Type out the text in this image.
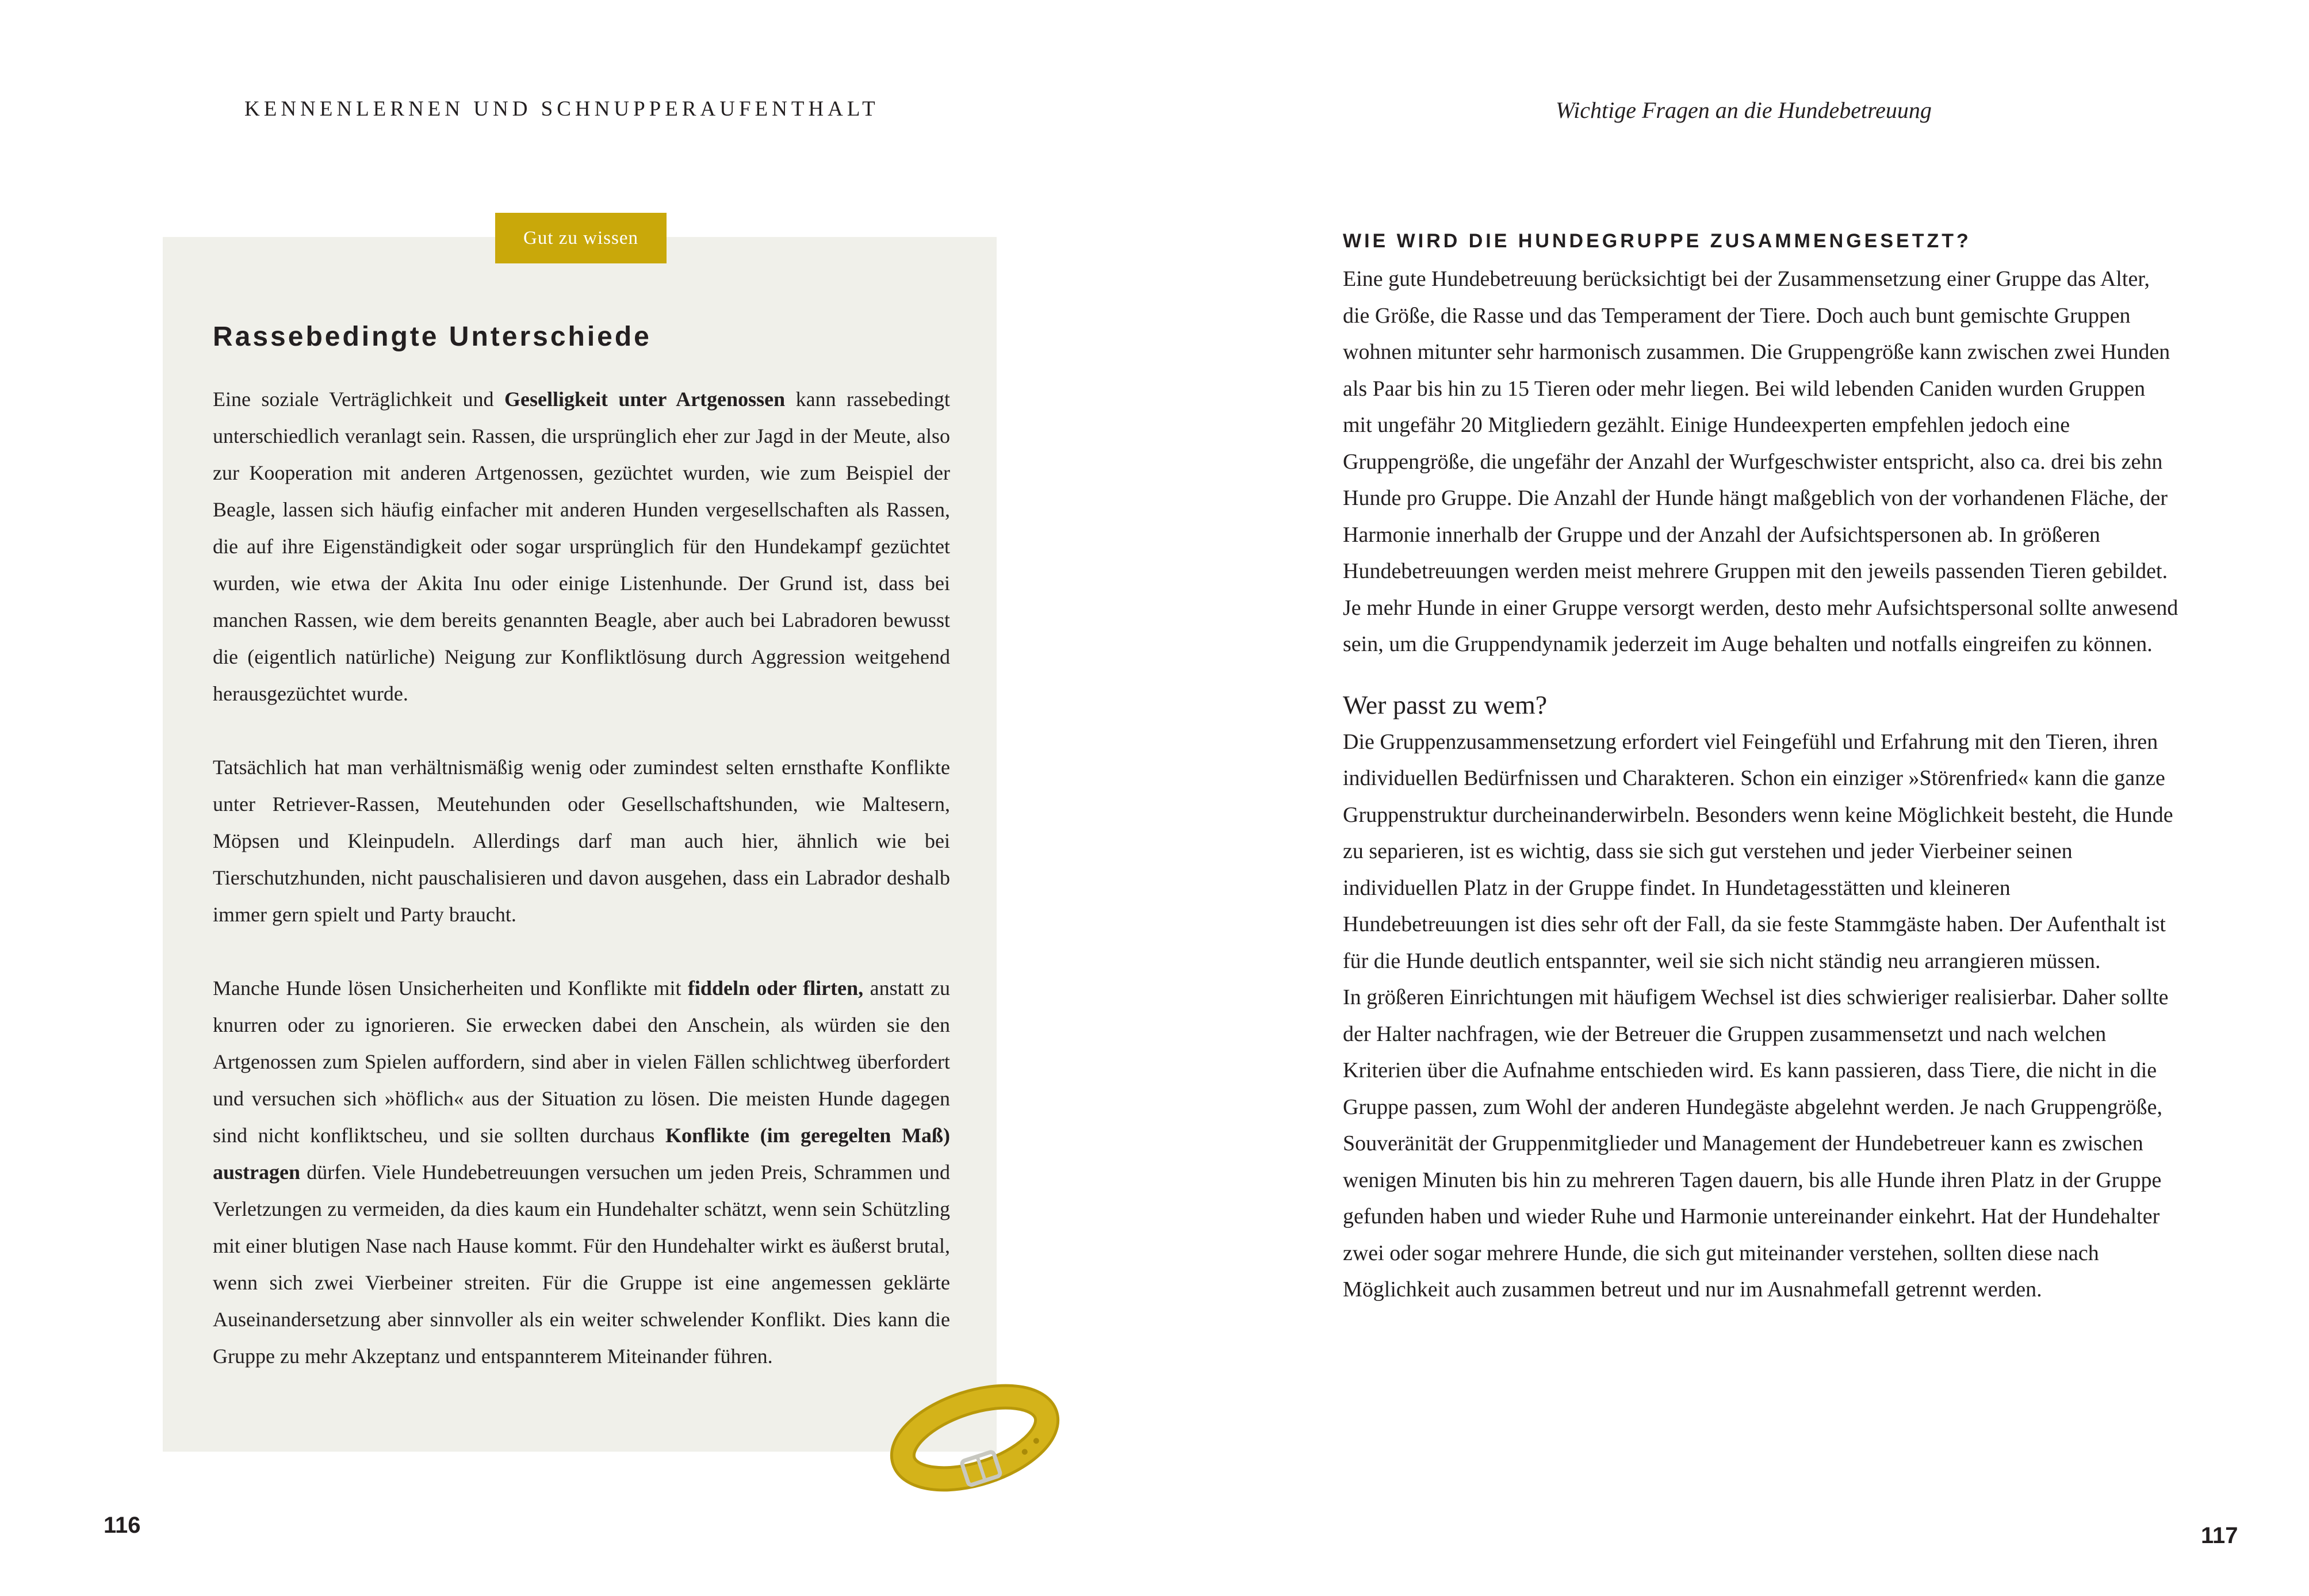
KENNENLERNEN UND SCHNUPPERAUFENTHALT	Wichtige Fragen an die Hundebetreuung
Gut zu wissen
Rassebedingte Unterschiede

Eine soziale Verträglichkeit und Geselligkeit unter Artgenossen kann rassebedingt unterschiedlich veranlagt sein. Rassen, die ursprünglich eher zur Jagd in der Meute, also zur Kooperation mit anderen Artgenossen, gezüchtet wurden, wie zum Beispiel der Beagle, lassen sich häufig einfacher mit anderen Hunden vergesellschaften als Rassen, die auf ihre Eigenständigkeit oder sogar ursprünglich für den Hundekampf gezüchtet wurden, wie etwa der Akita Inu oder einige Listenhunde. Der Grund ist, dass bei manchen Rassen, wie dem bereits genannten Beagle, aber auch bei Labradoren bewusst die (eigentlich natürliche) Neigung zur Konfliktlösung durch Aggression weitgehend herausgezüchtet wurde.

Tatsächlich hat man verhältnismäßig wenig oder zumindest selten ernsthafte Konflikte unter Retriever-Rassen, Meutehunden oder Gesellschaftshunden, wie Maltesern, Möpsen und Kleinpudeln. Allerdings darf man auch hier, ähnlich wie bei Tierschutzhunden, nicht pauschalisieren und davon ausgehen, dass ein Labrador deshalb immer gern spielt und Party braucht.

Manche Hunde lösen Unsicherheiten und Konflikte mit fiddeln oder flirten, anstatt zu knurren oder zu ignorieren. Sie erwecken dabei den Anschein, als würden sie den Artgenossen zum Spielen auffordern, sind aber in vielen Fällen schlichtweg überfordert und versuchen sich »höflich« aus der Situation zu lösen. Die meisten Hunde dagegen sind nicht konfliktscheu, und sie sollten durchaus Konflikte (im geregelten Maß) austragen dürfen. Viele Hundebetreuungen versuchen um jeden Preis, Schrammen und Verletzungen zu vermeiden, da dies kaum ein Hundehalter schätzt, wenn sein Schützling mit einer blutigen Nase nach Hause kommt. Für den Hundehalter wirkt es äußerst brutal, wenn sich zwei Vierbeiner streiten. Für die Gruppe ist eine angemessen geklärte Auseinandersetzung aber sinnvoller als ein weiter schwelender Konflikt. Dies kann die Gruppe zu mehr Akzeptanz und entspannterem Miteinander führen.

116
WIE WIRD DIE HUNDEGRUPPE ZUSAMMENGESETZT?

Eine gute Hundebetreuung berücksichtigt bei der Zusammensetzung einer Gruppe das Alter, die Größe, die Rasse und das Temperament der Tiere. Doch auch bunt gemischte Gruppen wohnen mitunter sehr harmonisch zusammen. Die Gruppengröße kann zwischen zwei Hunden als Paar bis hin zu 15 Tieren oder mehr liegen. Bei wild lebenden Caniden wurden Gruppen mit ungefähr 20 Mitgliedern gezählt. Einige Hundeexperten empfehlen jedoch eine Gruppengröße, die ungefähr der Anzahl der Wurfgeschwister entspricht, also ca. drei bis zehn Hunde pro Gruppe. Die Anzahl der Hunde hängt maßgeblich von der vorhandenen Fläche, der Harmonie innerhalb der Gruppe und der Anzahl der Aufsichtspersonen ab. In größeren Hundebetreuungen werden meist mehrere Gruppen mit den jeweils passenden Tieren gebildet. Je mehr Hunde in einer Gruppe versorgt werden, desto mehr Aufsichtspersonal sollte anwesend sein, um die Gruppendynamik jederzeit im Auge behalten und notfalls eingreifen zu können.

Wer passt zu wem?

Die Gruppenzusammensetzung erfordert viel Feingefühl und Erfahrung mit den Tieren, ihren individuellen Bedürfnissen und Charakteren. Schon ein einziger »Störenfried« kann die ganze Gruppenstruktur durcheinanderwirbeln. Besonders wenn keine Möglichkeit besteht, die Hunde zu separieren, ist es wichtig, dass sie sich gut verstehen und jeder Vierbeiner seinen individuellen Platz in der Gruppe findet. In Hundetagesstätten und kleineren Hundebetreuungen ist dies sehr oft der Fall, da sie feste Stammgäste haben. Der Aufenthalt ist für die Hunde deutlich entspannter, weil sie sich nicht ständig neu arrangieren müssen.

In größeren Einrichtungen mit häufigem Wechsel ist dies schwieriger realisierbar. Daher sollte der Halter nachfragen, wie der Betreuer die Gruppen zusammensetzt und nach welchen Kriterien über die Aufnahme entschieden wird. Es kann passieren, dass Tiere, die nicht in die Gruppe passen, zum Wohl der anderen Hundegäste abgelehnt werden. Je nach Gruppengröße, Souveränität der Gruppenmitglieder und Management der Hundebetreuer kann es zwischen wenigen Minuten bis hin zu mehreren Tagen dauern, bis alle Hunde ihren Platz in der Gruppe gefunden haben und wieder Ruhe und Harmonie untereinander einkehrt. Hat der Hundehalter zwei oder sogar mehrere Hunde, die sich gut miteinander verstehen, sollten diese nach Möglichkeit auch zusammen betreut und nur im Ausnahmefall getrennt werden.

117
